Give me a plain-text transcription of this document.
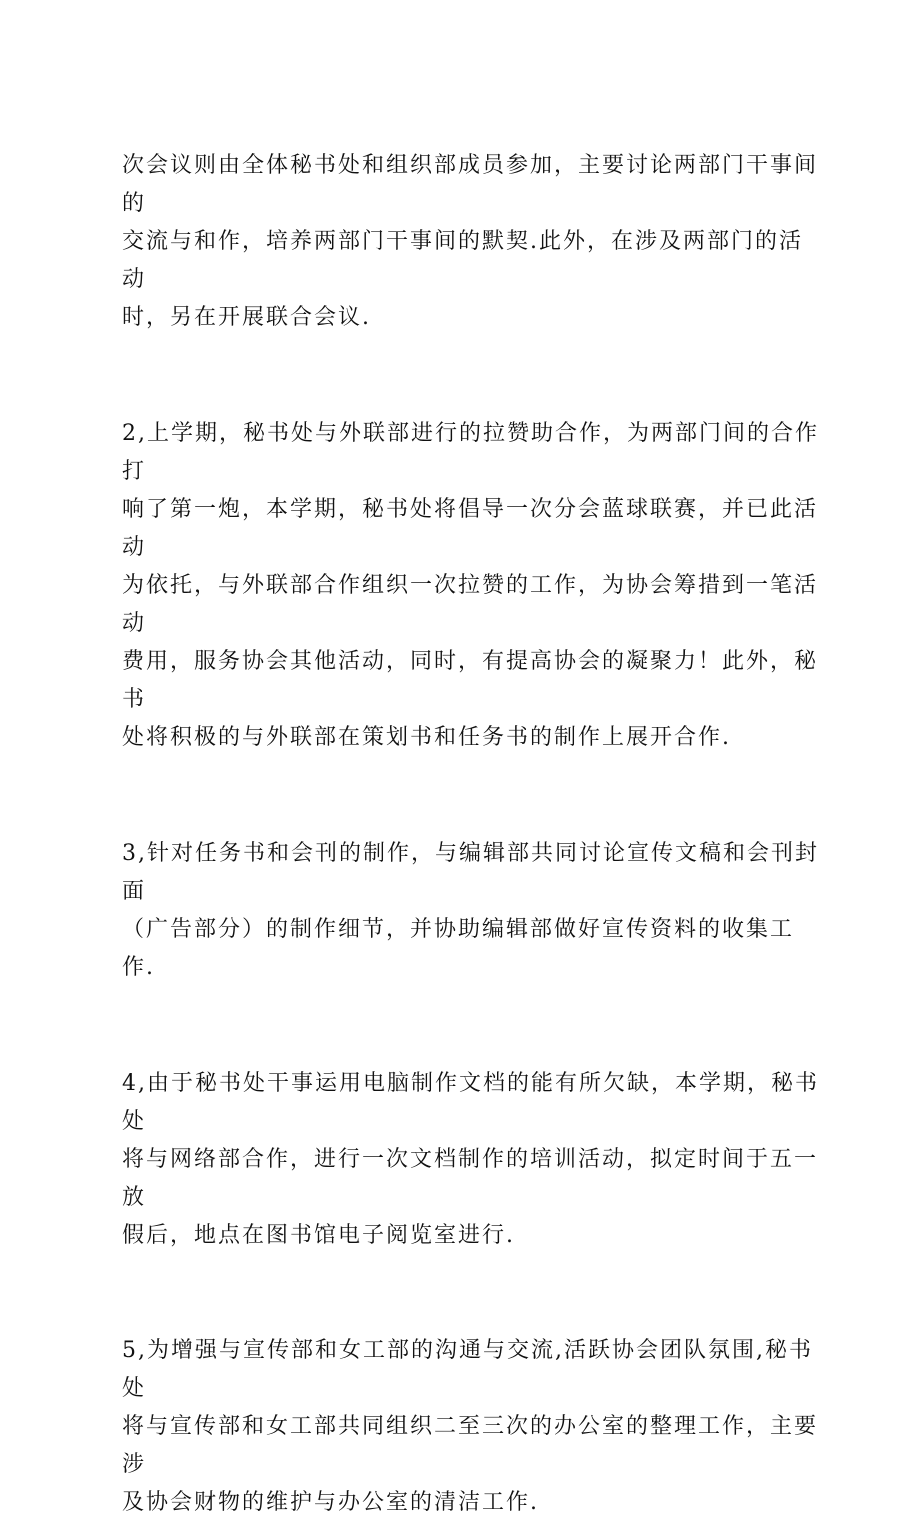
次会议则由全体秘书处和组织部成员参加，主要讨论两部门干事间的
交流与和作，培养两部门干事间的默契.此外，在涉及两部门的活动
时，另在开展联合会议.

2,上学期，秘书处与外联部进行的拉赞助合作，为两部门间的合作打
响了第一炮，本学期，秘书处将倡导一次分会蓝球联赛，并已此活动
为依托，与外联部合作组织一次拉赞的工作，为协会筹措到一笔活动
费用，服务协会其他活动，同时，有提高协会的凝聚力！此外，秘书
处将积极的与外联部在策划书和任务书的制作上展开合作.

3,针对任务书和会刊的制作，与编辑部共同讨论宣传文稿和会刊封面
（广告部分）的制作细节，并协助编辑部做好宣传资料的收集工作.

4,由于秘书处干事运用电脑制作文档的能有所欠缺，本学期，秘书处
将与网络部合作，进行一次文档制作的培训活动，拟定时间于五一放
假后，地点在图书馆电子阅览室进行.

5,为增强与宣传部和女工部的沟通与交流,活跃协会团队氛围,秘书处
将与宣传部和女工部共同组织二至三次的办公室的整理工作，主要涉
及协会财物的维护与办公室的清洁工作.
